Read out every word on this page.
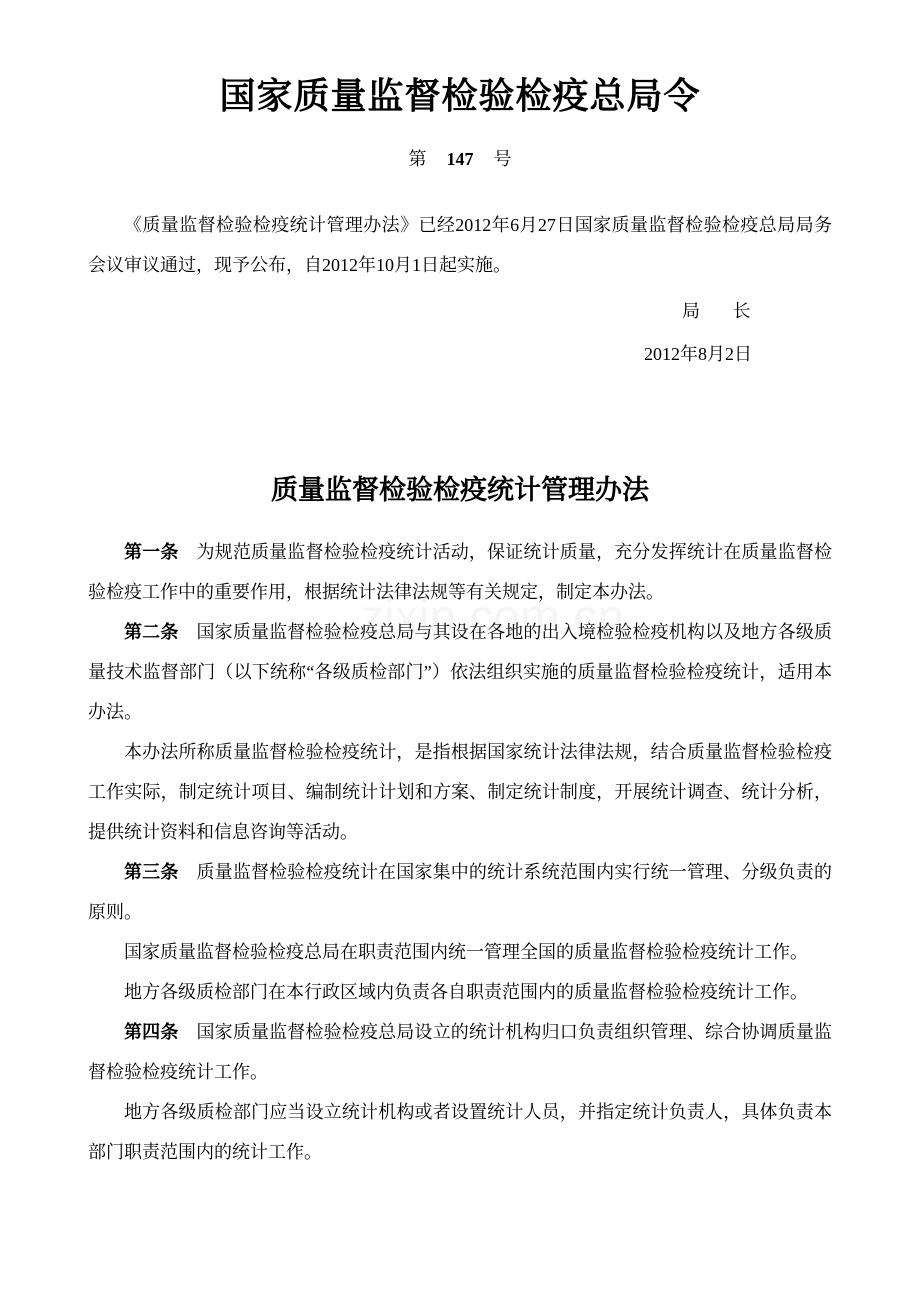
国家质量监督检验检疫总局令
第 147 号

《质量监督检验检疫统计管理办法》已经2012年6月27日国家质量监督检验检疫总局局务会议审议通过，现予公布，自2012年10月1日起实施。

局 长
2012年8月2日
质量监督检验检疫统计管理办法

第一条 为规范质量监督检验检疫统计活动，保证统计质量，充分发挥统计在质量监督检验检疫工作中的重要作用，根据统计法律法规等有关规定，制定本办法。

第二条 国家质量监督检验检疫总局与其设在各地的出入境检验检疫机构以及地方各级质量技术监督部门（以下统称“各级质检部门”）依法组织实施的质量监督检验检疫统计，适用本办法。

本办法所称质量监督检验检疫统计，是指根据国家统计法律法规，结合质量监督检验检疫工作实际，制定统计项目、编制统计计划和方案、制定统计制度，开展统计调查、统计分析，提供统计资料和信息咨询等活动。

第三条 质量监督检验检疫统计在国家集中的统计系统范围内实行统一管理、分级负责的原则。

国家质量监督检验检疫总局在职责范围内统一管理全国的质量监督检验检疫统计工作。

地方各级质检部门在本行政区域内负责各自职责范围内的质量监督检验检疫统计工作。

第四条 国家质量监督检验检疫总局设立的统计机构归口负责组织管理、综合协调质量监督检验检疫统计工作。

地方各级质检部门应当设立统计机构或者设置统计人员，并指定统计负责人，具体负责本部门职责范围内的统计工作。
